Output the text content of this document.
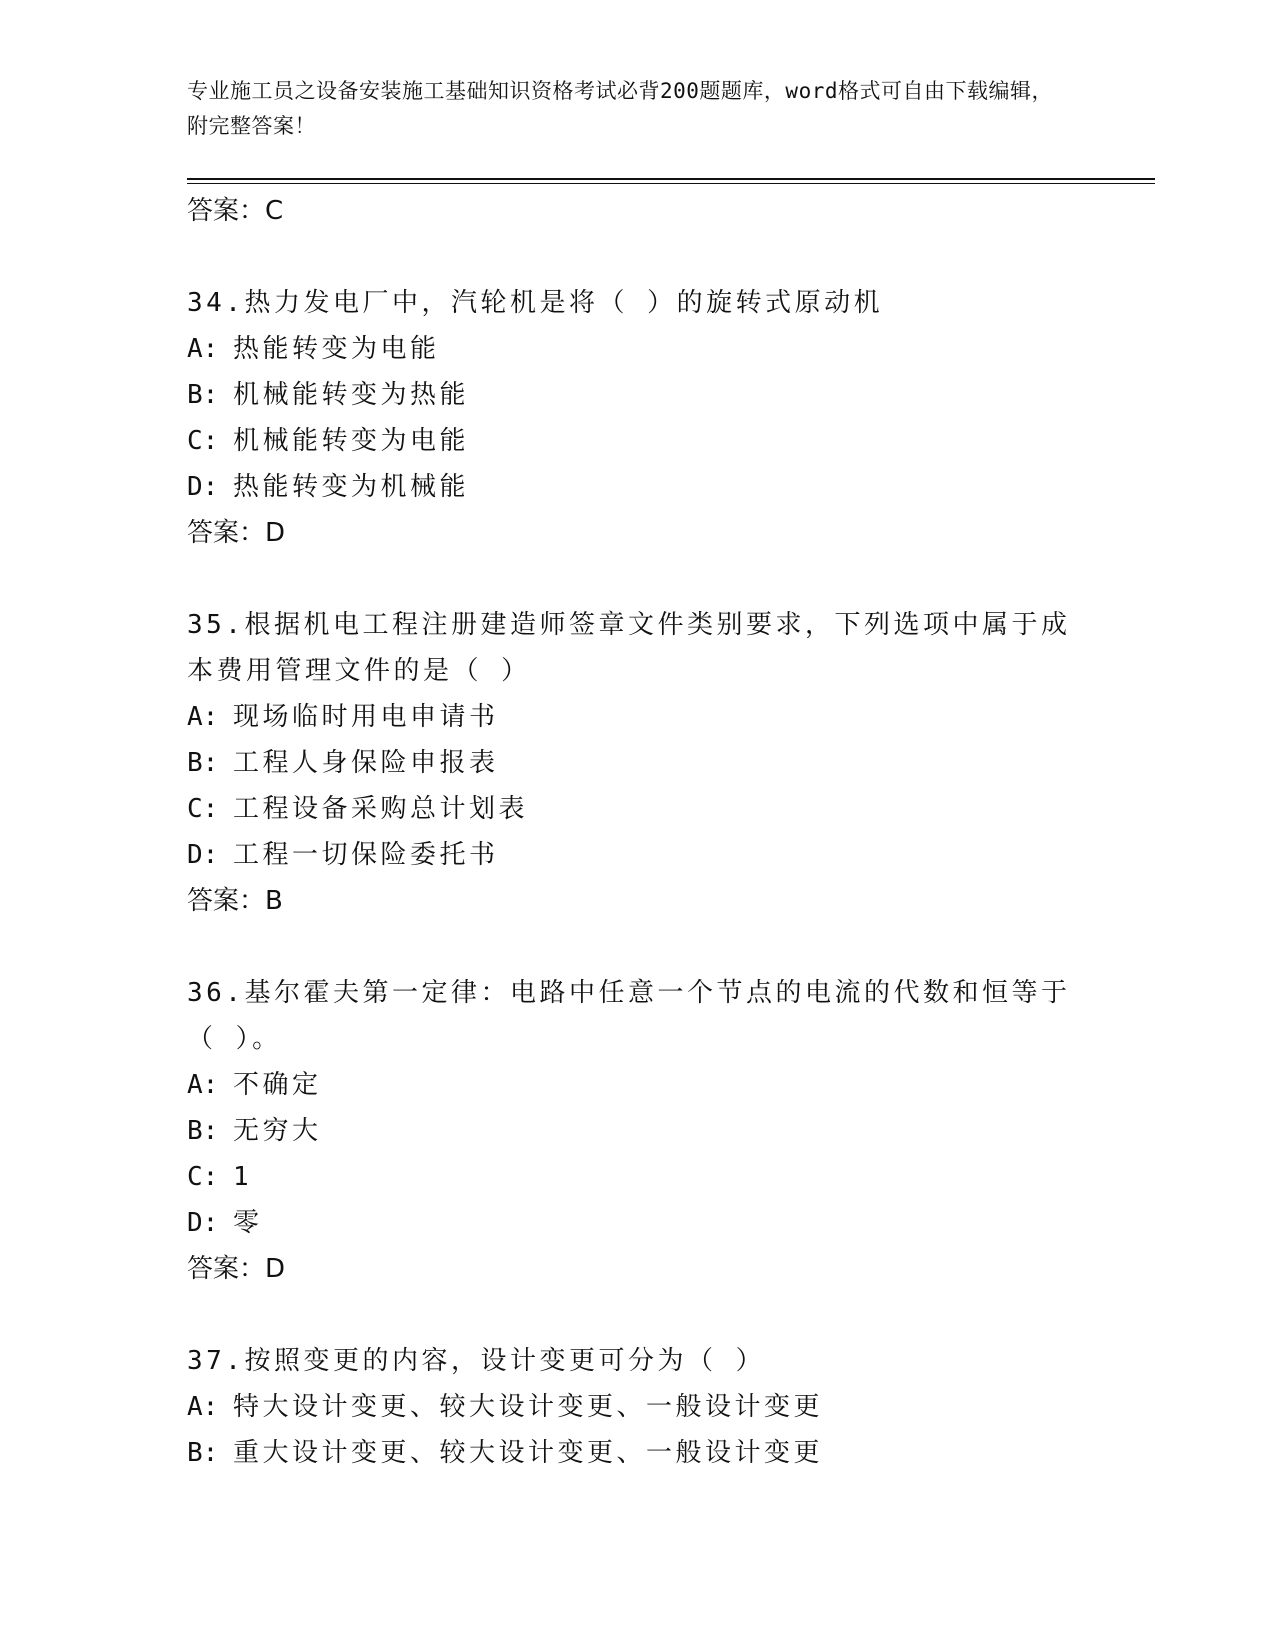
专业施工员之设备安装施工基础知识资格考试必背200题题库，word格式可自由下载编辑，附完整答案！
答案：C
34.热力发电厂中，汽轮机是将（ ）的旋转式原动机
A: 热能转变为电能
B: 机械能转变为热能
C: 机械能转变为电能
D: 热能转变为机械能
答案：D
35.根据机电工程注册建造师签章文件类别要求，下列选项中属于成本费用管理文件的是（ ）
A: 现场临时用电申请书
B: 工程人身保险申报表
C: 工程设备采购总计划表
D: 工程一切保险委托书
答案：B
36.基尔霍夫第一定律：电路中任意一个节点的电流的代数和恒等于（ ）。
A: 不确定
B: 无穷大
C: 1
D: 零
答案：D
37.按照变更的内容，设计变更可分为（ ）
A: 特大设计变更、较大设计变更、一般设计变更
B: 重大设计变更、较大设计变更、一般设计变更
